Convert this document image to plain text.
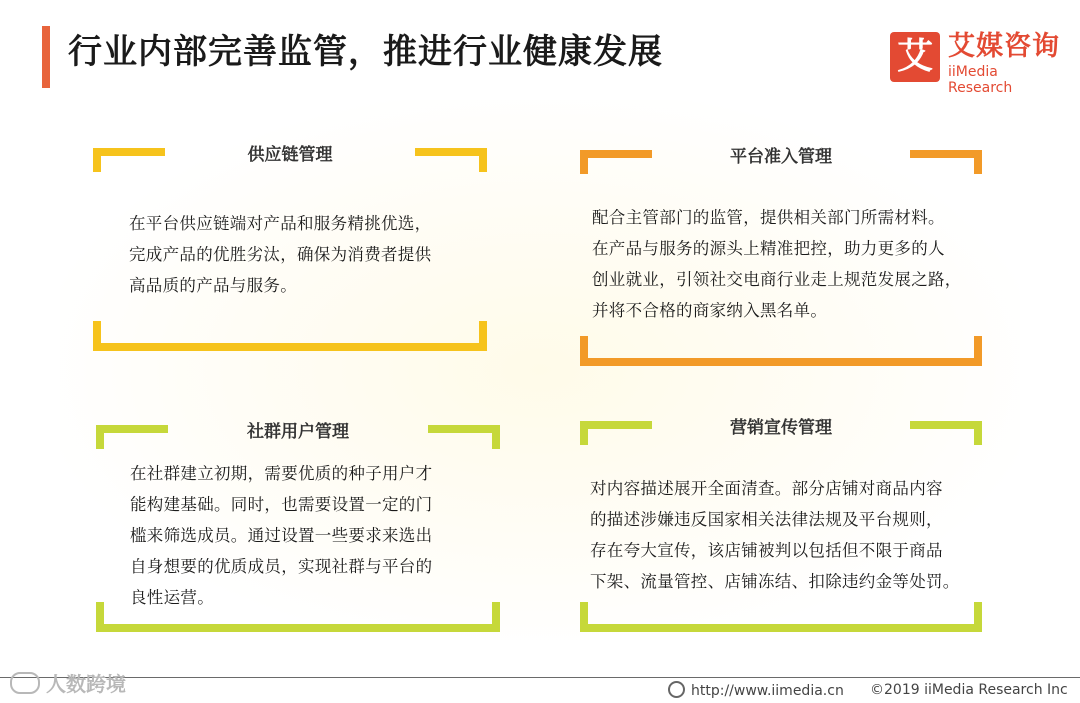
行业内部完善监管，推进行业健康发展	艾 艾媒咨询
iiMedia Research
供应链管理
在平台供应链端对产品和服务精挑优选，
完成产品的优胜劣汰，确保为消费者提供
高品质的产品与服务。
平台准入管理
配合主管部门的监管，提供相关部门所需材料。
在产品与服务的源头上精准把控，助力更多的人
创业就业，引领社交电商行业走上规范发展之路，
并将不合格的商家纳入黑名单。
社群用户管理
在社群建立初期，需要优质的种子用户才
能构建基础。同时，也需要设置一定的门
槛来筛选成员。通过设置一些要求来选出
自身想要的优质成员，实现社群与平台的
良性运营。
营销宣传管理
对内容描述展开全面清查。部分店铺对商品内容
的描述涉嫌违反国家相关法律法规及平台规则，
存在夸大宣传，该店铺被判以包括但不限于商品
下架、流量管控、店铺冻结、扣除违约金等处罚。
人数跨境	http://www.iimedia.cn ©2019 iiMedia Research Inc
